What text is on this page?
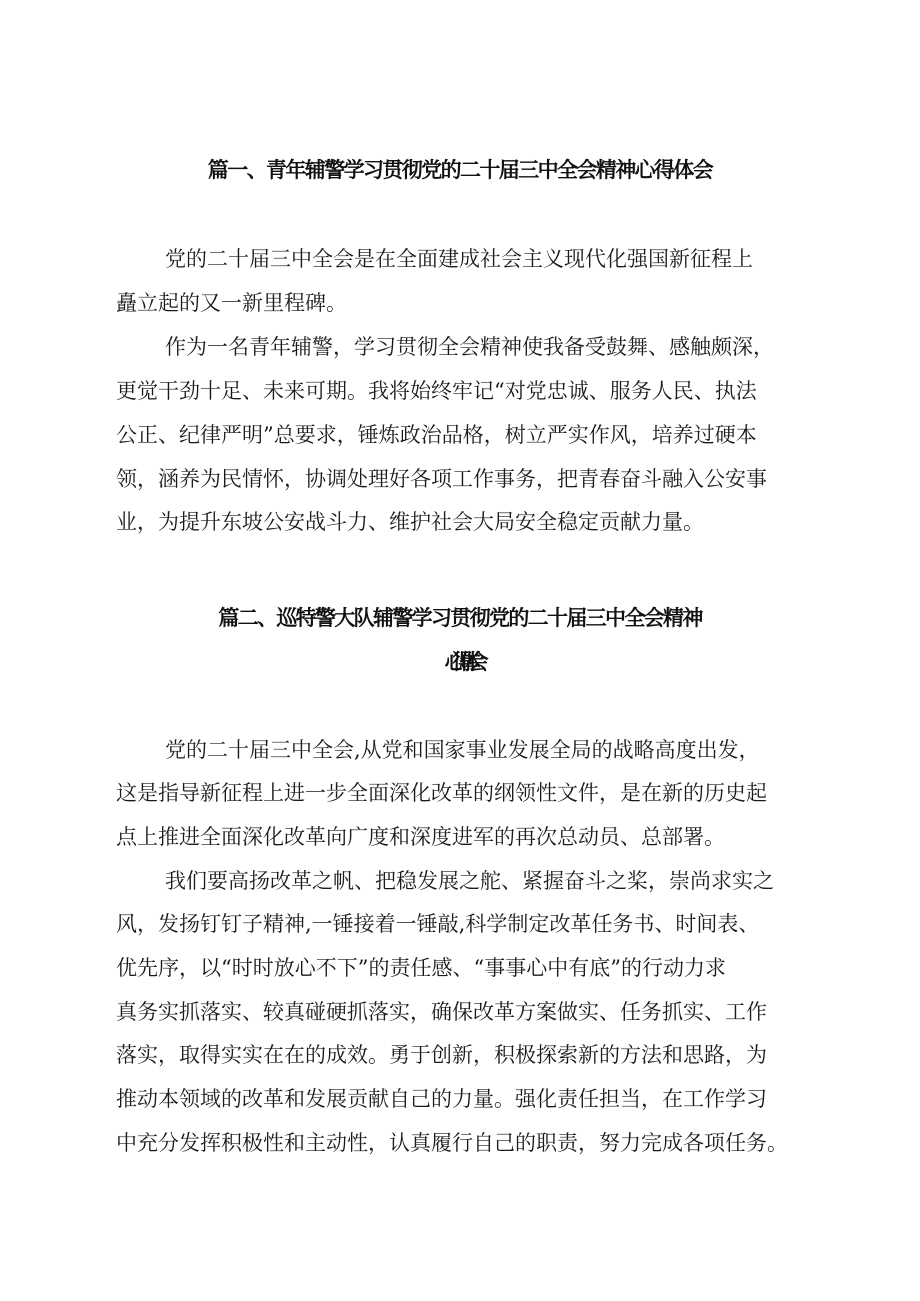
篇一、青年辅警学习贯彻党的二十届三中全会精神心得体会

党的二十届三中全会是在全面建成社会主义现代化强国新征程上

矗立起的又一新里程碑。

作为一名青年辅警，学习贯彻全会精神使我备受鼓舞、感触颇深，

更觉干劲十足、未来可期。我将始终牢记“对党忠诚、服务人民、执法

公正、纪律严明”总要求，锤炼政治品格，树立严实作风，培养过硬本

领，涵养为民情怀，协调处理好各项工作事务，把青春奋斗融入公安事

业，为提升东坡公安战斗力、维护社会大局安全稳定贡献力量。

篇二、巡特警大队辅警学习贯彻党的二十届三中全会精神
心得体会

党的二十届三中全会,从党和国家事业发展全局的战略高度出发，

这是指导新征程上进一步全面深化改革的纲领性文件，是在新的历史起

点上推进全面深化改革向广度和深度进军的再次总动员、总部署。

我们要高扬改革之帆、把稳发展之舵、紧握奋斗之桨，崇尚求实之

风，发扬钉钉子精神,一锤接着一锤敲,科学制定改革任务书、时间表、

优先序，以“时时放心不下”的责任感、“事事心中有底”的行动力求

真务实抓落实、较真碰硬抓落实，确保改革方案做实、任务抓实、工作

落实，取得实实在在的成效。勇于创新，积极探索新的方法和思路，为

推动本领域的改革和发展贡献自己的力量。强化责任担当，在工作学习

中充分发挥积极性和主动性，认真履行自己的职责，努力完成各项任务。
